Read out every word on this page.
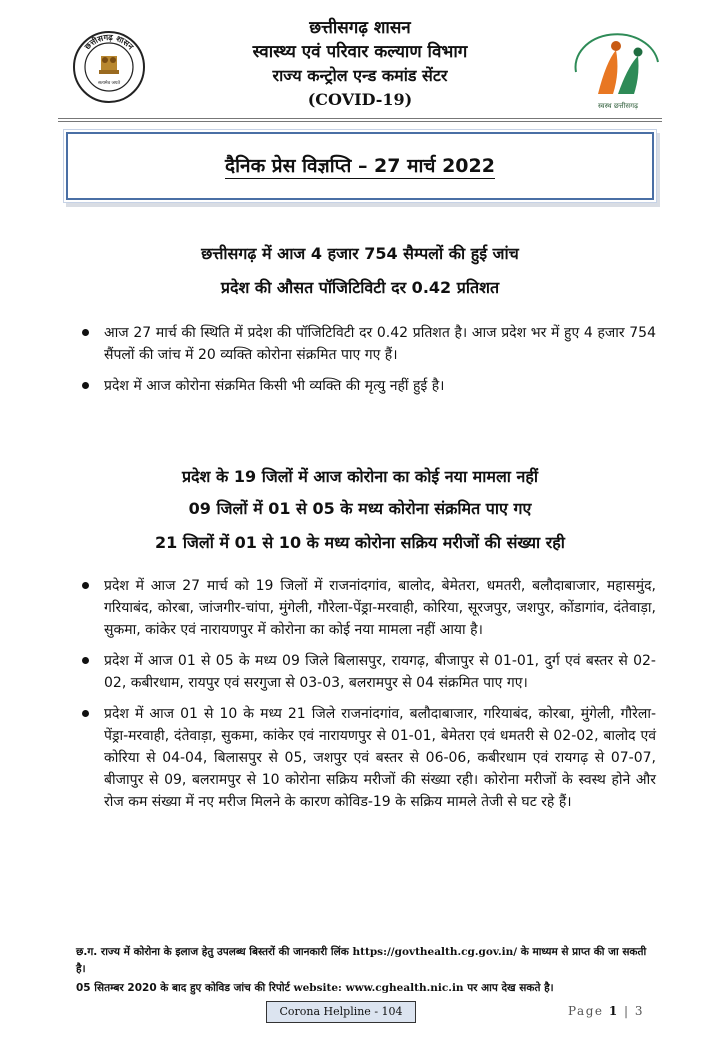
छत्तीसगढ़ शासन
सत्यमेव जयते
छत्तीसगढ़ शासन
स्वास्थ्य एवं परिवार कल्याण विभाग
राज्य कन्ट्रोल एन्ड कमांड सेंटर
(COVID-19)	स्वस्थ छत्तीसगढ़
दैनिक प्रेस विज्ञप्ति – 27 मार्च 2022
छत्तीसगढ़ में आज 4 हजार 754 सैम्पलों की हुई जांच
प्रदेश की औसत पॉजिटिविटी दर 0.42 प्रतिशत
आज 27 मार्च की स्थिति में प्रदेश की पॉजिटिविटी दर 0.42 प्रतिशत है। आज प्रदेश भर में हुए 4 हजार 754 सैंपलों की जांच में 20 व्यक्ति कोरोना संक्रमित पाए गए हैं।
प्रदेश में आज कोरोना संक्रमित किसी भी व्यक्ति की मृत्यु नहीं हुई है।
प्रदेश के 19 जिलों में आज कोरोना का कोई नया मामला नहीं
09 जिलों में 01 से 05 के मध्य कोरोना संक्रमित पाए गए
21 जिलों में 01 से 10 के मध्य कोरोना सक्रिय मरीजों की संख्या रही
प्रदेश में आज 27 मार्च को 19 जिलों में राजनांदगांव, बालोद, बेमेतरा, धमतरी, बलौदाबाजार, महासमुंद, गरियाबंद, कोरबा, जांजगीर-चांपा, मुंगेली, गौरेला-पेंड्रा-मरवाही, कोरिया, सूरजपुर, जशपुर, कोंडागांव, दंतेवाड़ा, सुकमा, कांकेर एवं नारायणपुर में कोरोना का कोई नया मामला नहीं आया है।
प्रदेश में आज 01 से 05 के मध्य 09 जिले बिलासपुर, रायगढ़, बीजापुर से 01-01, दुर्ग एवं बस्तर से 02-02, कबीरधाम, रायपुर एवं सरगुजा से 03-03, बलरामपुर से 04 संक्रमित पाए गए।
प्रदेश में आज 01 से 10 के मध्य 21 जिले राजनांदगांव, बलौदाबाजार, गरियाबंद, कोरबा, मुंगेली, गौरेला-पेंड्रा-मरवाही, दंतेवाड़ा, सुकमा, कांकेर एवं नारायणपुर से 01-01, बेमेतरा एवं धमतरी से 02-02, बालोद एवं कोरिया से 04-04, बिलासपुर से 05, जशपुर एवं बस्तर से 06-06, कबीरधाम एवं रायगढ़ से 07-07, बीजापुर से 09, बलरामपुर से 10 कोरोना सक्रिय मरीजों की संख्या रही। कोरोना मरीजों के स्वस्थ होने और रोज कम संख्या में नए मरीज मिलने के कारण कोविड-19 के सक्रिय मामले तेजी से घट रहे हैं।
छ.ग. राज्य में कोरोना के इलाज हेतु उपलब्ध बिस्तरों की जानकारी लिंक https://govthealth.cg.gov.in/ के माध्यम से प्राप्त की जा सकती है।
05 सितम्बर 2020 के बाद हुए कोविड जांच की रिपोर्ट website: www.cghealth.nic.in पर आप देख सकते है।
Corona Helpline - 104	Page 1 | 3
